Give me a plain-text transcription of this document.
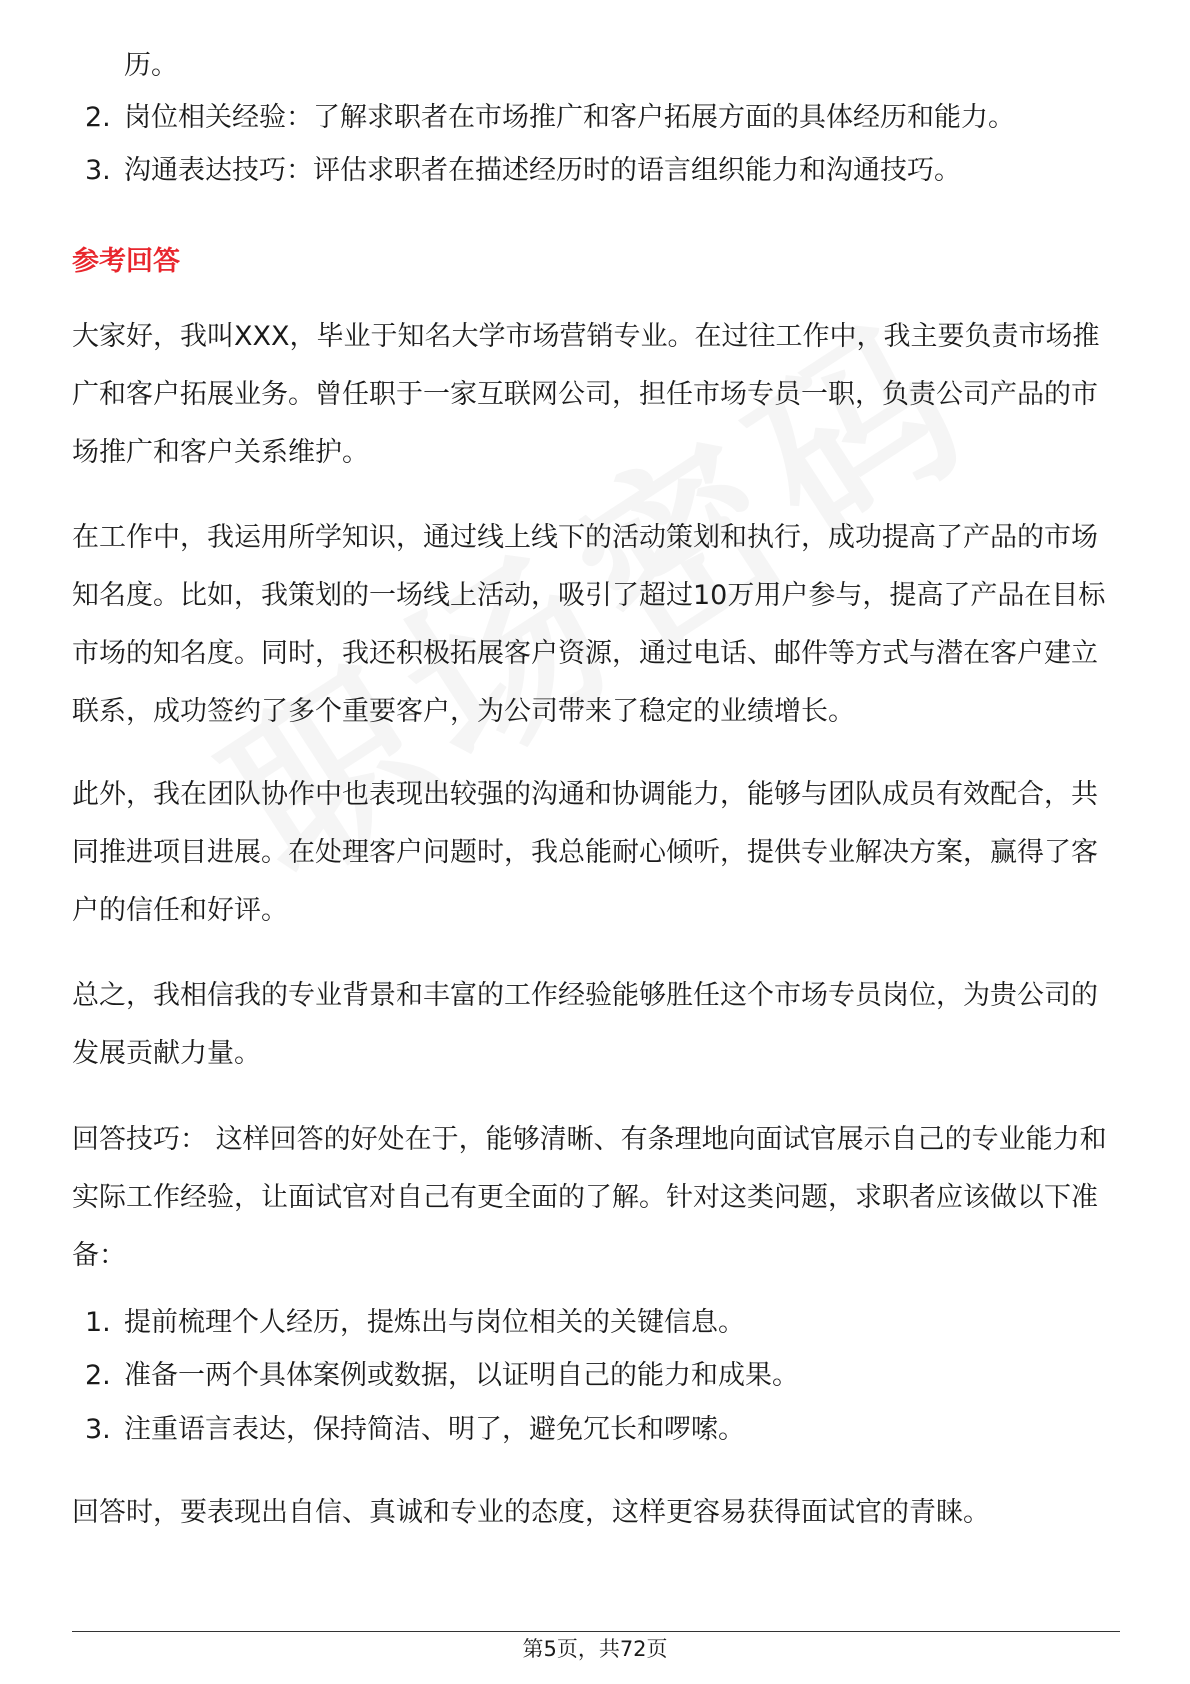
历。
2. 岗位相关经验：了解求职者在市场推广和客户拓展方面的具体经历和能力。
3. 沟通表达技巧：评估求职者在描述经历时的语言组织能力和沟通技巧。
参考回答

大家好，我叫XXX，毕业于知名大学市场营销专业。在过往工作中，我主要负责市场推广和客户拓展业务。曾任职于一家互联网公司，担任市场专员一职，负责公司产品的市场推广和客户关系维护。

在工作中，我运用所学知识，通过线上线下的活动策划和执行，成功提高了产品的市场知名度。比如，我策划的一场线上活动，吸引了超过10万用户参与，提高了产品在目标市场的知名度。同时，我还积极拓展客户资源，通过电话、邮件等方式与潜在客户建立联系，成功签约了多个重要客户，为公司带来了稳定的业绩增长。

此外，我在团队协作中也表现出较强的沟通和协调能力，能够与团队成员有效配合，共同推进项目进展。在处理客户问题时，我总能耐心倾听，提供专业解决方案，赢得了客户的信任和好评。

总之，我相信我的专业背景和丰富的工作经验能够胜任这个市场专员岗位，为贵公司的发展贡献力量。

回答技巧： 这样回答的好处在于，能够清晰、有条理地向面试官展示自己的专业能力和实际工作经验，让面试官对自己有更全面的了解。针对这类问题，求职者应该做以下准备：

1. 提前梳理个人经历，提炼出与岗位相关的关键信息。
2. 准备一两个具体案例或数据，以证明自己的能力和成果。
3. 注重语言表达，保持简洁、明了，避免冗长和啰嗦。

回答时，要表现出自信、真诚和专业的态度，这样更容易获得面试官的青睐。

第5页，共72页
